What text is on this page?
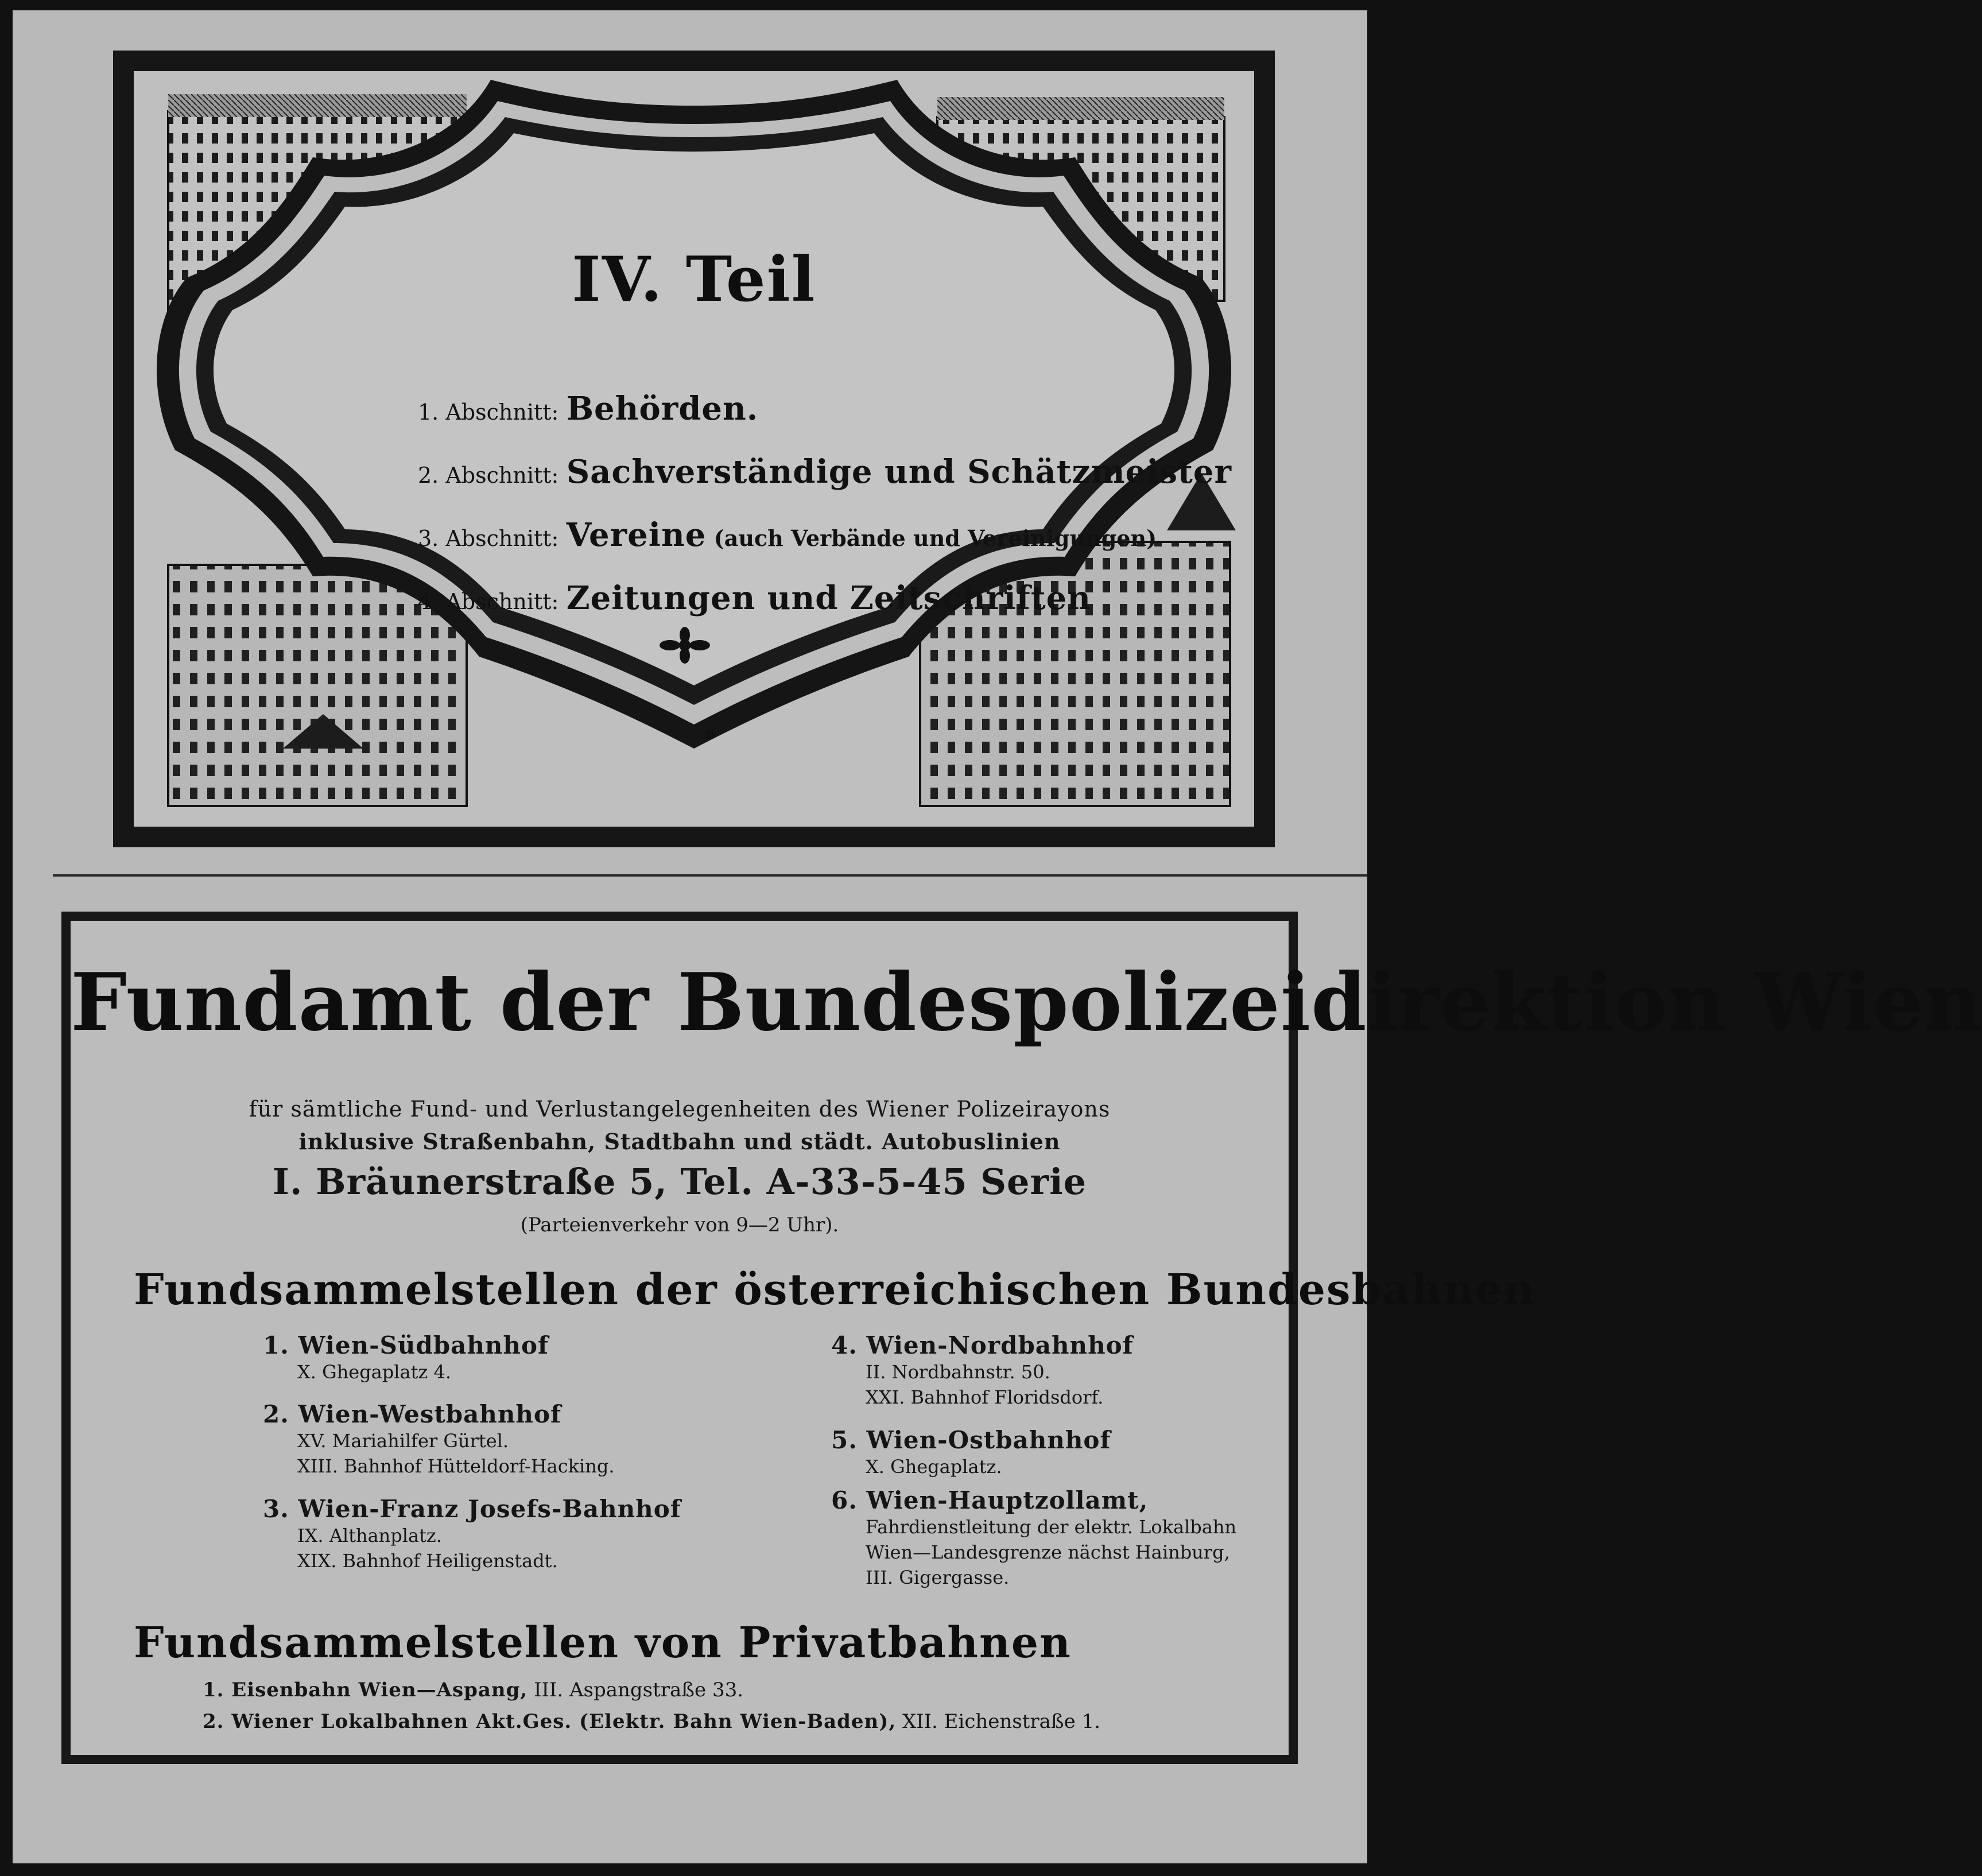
IV. Teil
1. Abschnitt: Behörden.
2. Abschnitt: Sachverständige und Schätzmeister
3. Abschnitt: Vereine (auch Verbände und Vereinigungen)
4. Abschnitt: Zeitungen und Zeitschriften
Fundamt der Bundespolizeidirektion Wien
für sämtliche Fund- und Verlustangelegenheiten des Wiener Polizeirayons
inklusive Straßenbahn, Stadtbahn und städt. Autobuslinien
I. Bräunerstraße 5, Tel. A-33-5-45 Serie
(Parteienverkehr von 9—2 Uhr).
Fundsammelstellen der österreichischen Bundesbahnen
1. Wien-Südbahnhof
X. Ghegaplatz 4.
2. Wien-Westbahnhof
XV. Mariahilfer Gürtel.
XIII. Bahnhof Hütteldorf-Hacking.
3. Wien-Franz Josefs-Bahnhof
IX. Althanplatz.
XIX. Bahnhof Heiligenstadt.
4. Wien-Nordbahnhof
II. Nordbahnstr. 50.
XXI. Bahnhof Floridsdorf.
5. Wien-Ostbahnhof
X. Ghegaplatz.
6. Wien-Hauptzollamt,
Fahrdienstleitung der elektr. Lokalbahn
Wien—Landesgrenze nächst Hainburg,
III. Gigergasse.
Fundsammelstellen von Privatbahnen
1. Eisenbahn Wien—Aspang, III. Aspangstraße 33.
2. Wiener Lokalbahnen Akt.Ges. (Elektr. Bahn Wien-Baden), XII. Eichenstraße 1.
